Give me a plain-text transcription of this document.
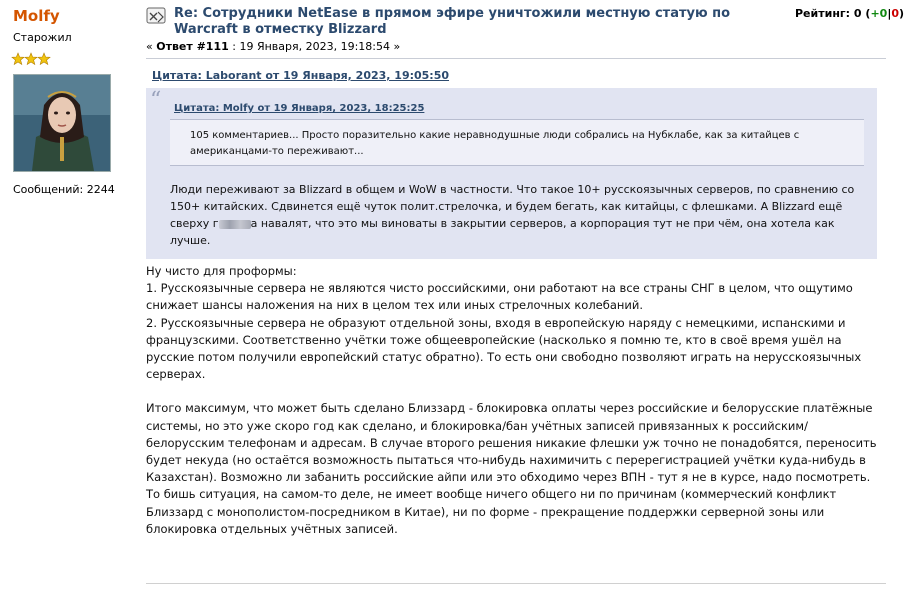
Molfy
Старожил
Сообщений: 2244
Re: Сотрудники NetEase в прямом эфире уничтожили местную статую по Warcraft в отместку Blizzard
Рейтинг: 0 (+0|0)
« Ответ #111 : 19 Января, 2023, 19:18:54 »
Цитата: Laborant от 19 Января, 2023, 19:05:50
“ Цитата: Molfy от 19 Января, 2023, 18:25:25
105 комментариев... Просто поразительно какие неравнодушные люди собрались на Нубклабе, как за китайцев с американцами-то переживают...
Люди переживают за Blizzard в общем и WoW в частности. Что такое 10+ русскоязычных серверов, по сравнению со 150+ китайских. Сдвинется ещё чуток полит.стрелочка, и будем бегать, как китайцы, с флешками. А Blizzard ещё сверху г	а навалят, что это мы виноваты в закрытии серверов, а корпорация тут не при чём, она хотела как лучше.

Ну чисто для проформы:

1. Русскоязычные сервера не являются чисто российскими, они работают на все страны СНГ в целом, что ощутимо снижает шансы наложения на них в целом тех или иных стрелочных колебаний.

2. Русскоязычные сервера не образуют отдельной зоны, входя в европейскую наряду с немецкими, испанскими и французскими. Соответственно учётки тоже общеевропейские (насколько я помню те, кто в своё время ушёл на русские потом получили европейский статус обратно). То есть они свободно позволяют играть на нерусскоязычных серверах.

Итого максимум, что может быть сделано Близзард - блокировка оплаты через российские и белорусские платёжные системы, но это уже скоро год как сделано, и блокировка/бан учётных записей привязанных к российским/белорусским телефонам и адресам. В случае второго решения никакие флешки уж точно не понадобятся, переносить будет некуда (но остаётся возможность пытаться что-нибудь нахимичить с перерегистрацией учётки куда-нибудь в Казахстан). Возможно ли забанить российские айпи или это обходимо через ВПН - тут я не в курсе, надо посмотреть.

То бишь ситуация, на самом-то деле, не имеет вообще ничего общего ни по причинам (коммерческий конфликт Близзард с монополистом-посредником в Китае), ни по форме - прекращение поддержки серверной зоны или блокировка отдельных учётных записей.
